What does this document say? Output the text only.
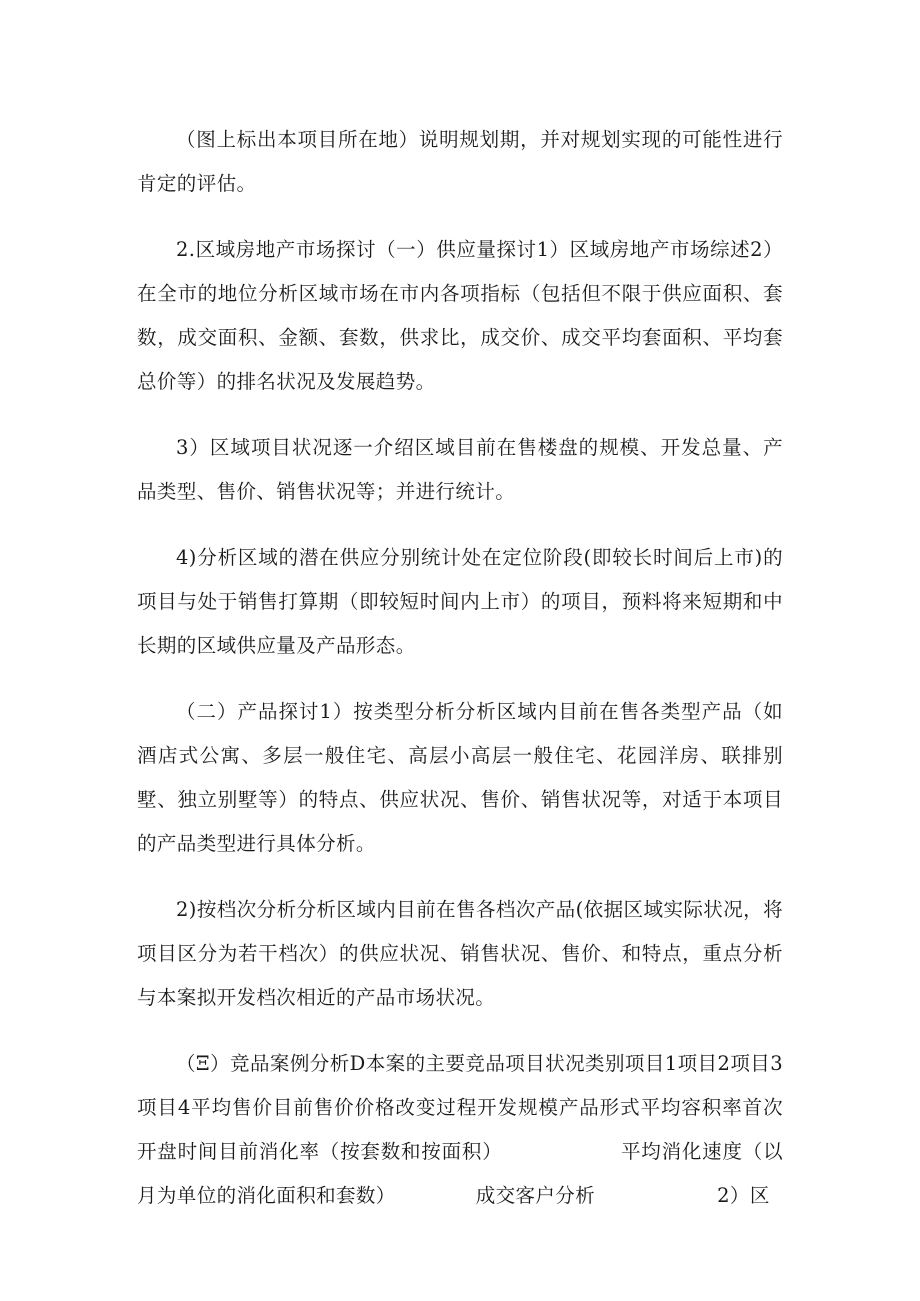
（图上标出本项目所在地）说明规划期，并对规划实现的可能性进行肯定的评估。

2.区域房地产市场探讨（一）供应量探讨1）区域房地产市场综述2）在全市的地位分析区域市场在市内各项指标（包括但不限于供应面积、套数，成交面积、金额、套数，供求比，成交价、成交平均套面积、平均套总价等）的排名状况及发展趋势。

3）区域项目状况逐一介绍区域目前在售楼盘的规模、开发总量、产品类型、售价、销售状况等；并进行统计。

4)分析区域的潜在供应分别统计处在定位阶段(即较长时间后上市)的项目与处于销售打算期（即较短时间内上市）的项目，预料将来短期和中长期的区域供应量及产品形态。

（二）产品探讨1）按类型分析分析区域内目前在售各类型产品（如酒店式公寓、多层一般住宅、高层小高层一般住宅、花园洋房、联排别墅、独立别墅等）的特点、供应状况、售价、销售状况等，对适于本项目的产品类型进行具体分析。

2)按档次分析分析区域内目前在售各档次产品(依据区域实际状况，将项目区分为若干档次）的供应状况、销售状况、售价、和特点，重点分析与本案拟开发档次相近的产品市场状况。

（Ξ）竞品案例分析D本案的主要竞品项目状况类别项目1项目2项目3项目4平均售价目前售价价格改变过程开发规模产品形式平均容积率首次开盘时间目前消化率（按套数和按面积）	平均消化速度（以月为单位的消化面积和套数）	成交客户分析	2）区
